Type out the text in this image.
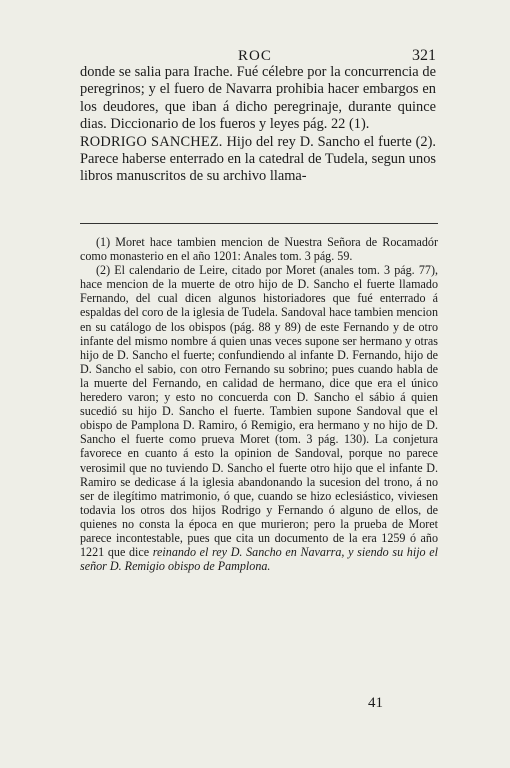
ROC	321

donde se salia para Irache. Fué célebre por la concurrencia de peregrinos; y el fuero de Navarra prohibia hacer embargos en los deudores, que iban á dicho peregrinaje, durante quince dias. Diccionario de los fueros y leyes pág. 22 (1).

RODRIGO SANCHEZ. Hijo del rey D. Sancho el fuerte (2). Parece haberse enterrado en la catedral de Tudela, segun unos libros manuscritos de su archivo llama-

(1) Moret hace tambien mencion de Nuestra Señora de Rocamadór como monasterio en el año 1201: Anales tom. 3 pág. 59.

(2) El calendario de Leire, citado por Moret (anales tom. 3 pág. 77), hace mencion de la muerte de otro hijo de D. Sancho el fuerte llamado Fernando, del cual dicen algunos historiadores que fué enterrado á espaldas del coro de la iglesia de Tudela. Sandoval hace tambien mencion en su catálogo de los obispos (pág. 88 y 89) de este Fernando y de otro infante del mismo nombre á quien unas veces supone ser hermano y otras hijo de D. Sancho el fuerte; confundiendo al infante D. Fernando, hijo de D. Sancho el sabio, con otro Fernando su sobrino; pues cuando habla de la muerte del Fernando, en calidad de hermano, dice que era el único heredero varon; y esto no concuerda con D. Sancho el sábio á quien sucedió su hijo D. Sancho el fuerte. Tambien supone Sandoval que el obispo de Pamplona D. Ramiro, ó Remigio, era hermano y no hijo de D. Sancho el fuerte como prueva Moret (tom. 3 pág. 130). La conjetura favorece en cuanto á esto la opinion de Sandoval, porque no parece verosimil que no tuviendo D. Sancho el fuerte otro hijo que el infante D. Ramiro se dedicase á la iglesia abandonando la sucesion del trono, á no ser de ilegítimo matrimonio, ó que, cuando se hizo eclesiástico, viviesen todavia los otros dos hijos Rodrigo y Fernando ó alguno de ellos, de quienes no consta la época en que murieron; pero la prueba de Moret parece incontestable, pues que cita un documento de la era 1259 ó año 1221 que dice reinando el rey D. Sancho en Navarra, y siendo su hijo el señor D. Remigio obispo de Pamplona.

41
